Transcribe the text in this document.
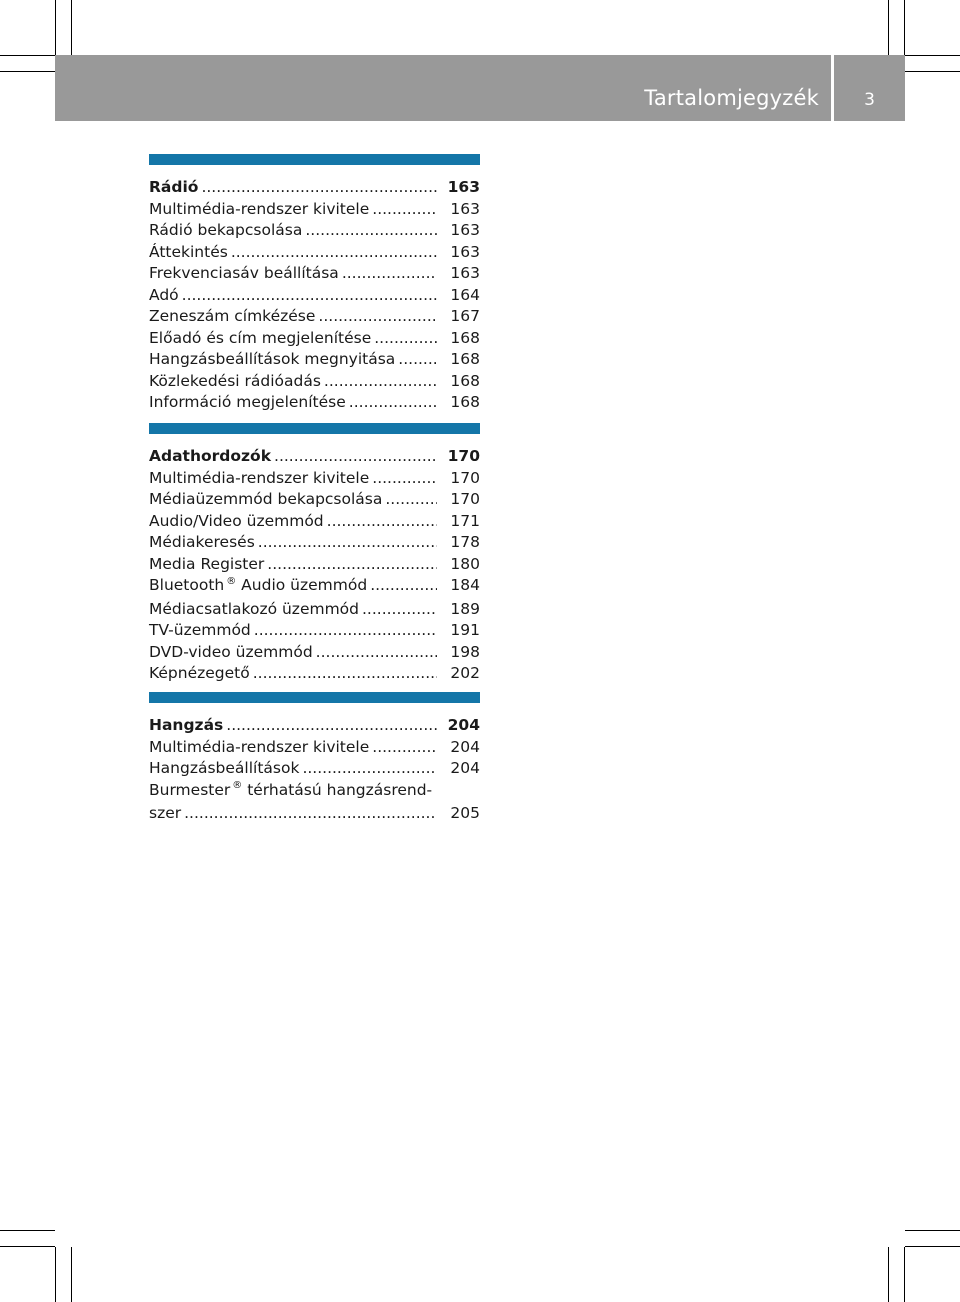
Tartalomjegyzék	3
Rádió .....	163
Multimédia-rendszer kivitele .....	163
Rádió bekapcsolása .....	163
Áttekintés .....	163
Frekvenciasáv beállítása .....	163
Adó .....	164
Zeneszám címkézése .....	167
Előadó és cím megjelenítése .....	168
Hangzásbeállítások megnyitása .....	168
Közlekedési rádióadás .....	168
Információ megjelenítése .....	168
Adathordozók .....	170
Multimédia-rendszer kivitele .....	170
Médiaüzemmód bekapcsolása .....	170
Audio/Video üzemmód .....	171
Médiakeresés .....	178
Media Register .....	180
Bluetooth ® Audio üzemmód .....	184
Médiacsatlakozó üzemmód .....	189
TV-üzemmód .....	191
DVD-video üzemmód .....	198
Képnézegető .....	202
Hangzás .....	204
Multimédia-rendszer kivitele .....	204
Hangzásbeállítások .....	204
Burmester ® térhatású hangzásrend-
szer .....	205
